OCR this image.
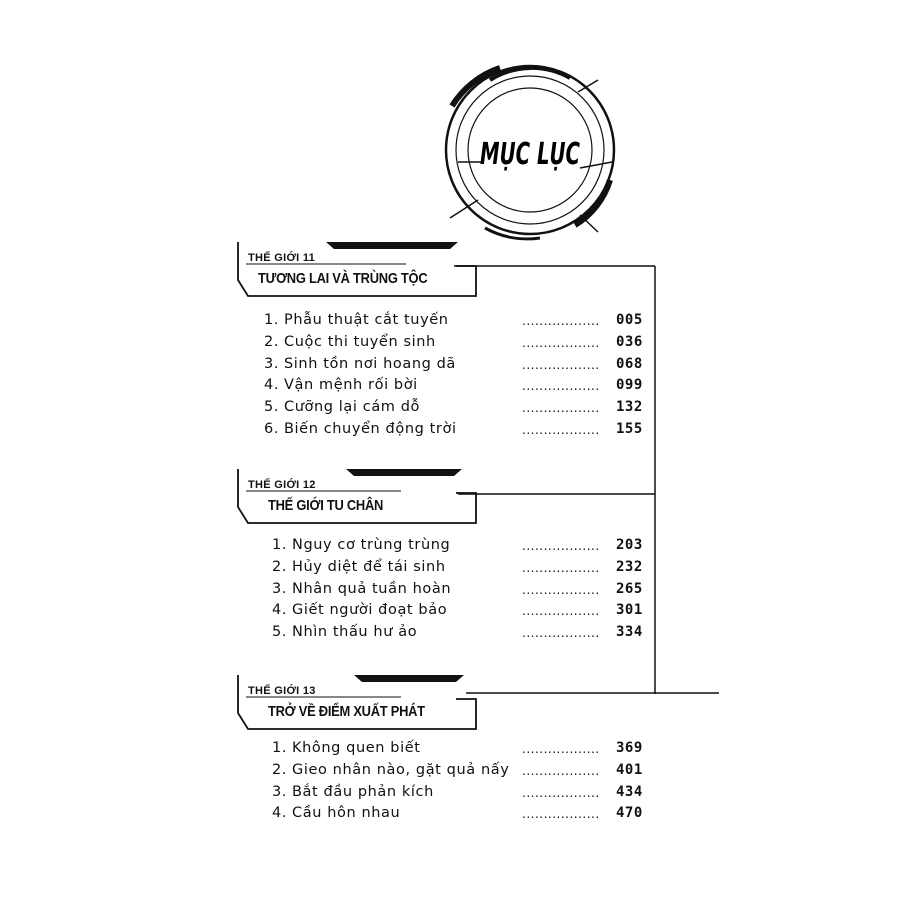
MỤC LỤC
THẾ GIỚI 11
TƯƠNG LAI VÀ TRÙNG TỘC
1. Phẫu thuật cắt tuyến	.................. 005
2. Cuộc thi tuyển sinh	.................. 036
3. Sinh tồn nơi hoang dã	.................. 068
4. Vận mệnh rối bời	.................. 099
5. Cưỡng lại cám dỗ	.................. 132
6. Biến chuyển động trời	.................. 155
THẾ GIỚI 12
THẾ GIỚI TU CHÂN
1. Nguy cơ trùng trùng	.................. 203
2. Hủy diệt để tái sinh	.................. 232
3. Nhân quả tuần hoàn	.................. 265
4. Giết người đoạt bảo	.................. 301
5. Nhìn thấu hư ảo	.................. 334
THẾ GIỚI 13
TRỞ VỀ ĐIỂM XUẤT PHÁT
1. Không quen biết	.................. 369
2. Gieo nhân nào, gặt quả nấy .................. 401
3. Bắt đầu phản kích	.................. 434
4. Cầu hôn nhau	.................. 470
